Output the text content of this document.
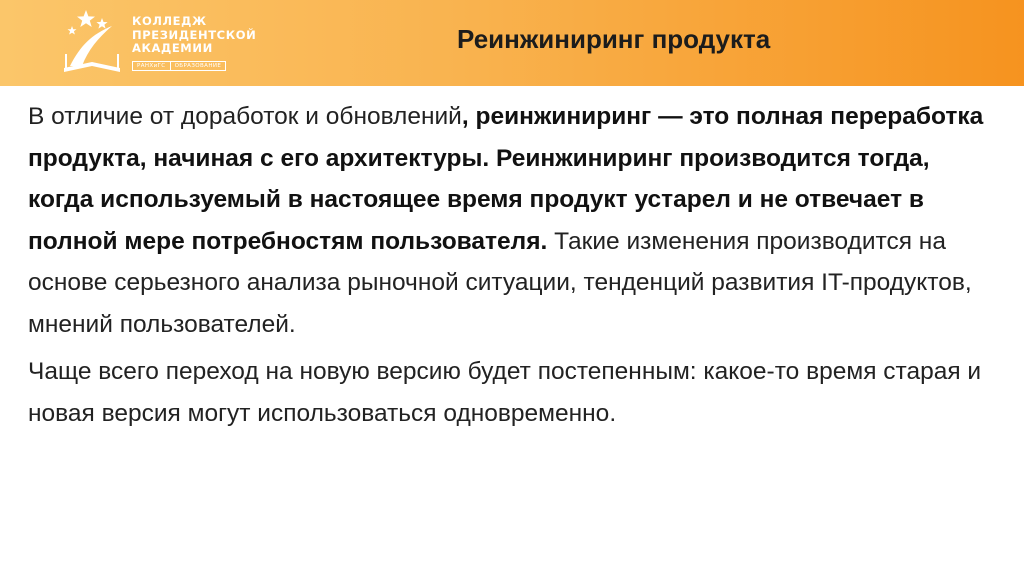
КОЛЛЕДЖ
ПРЕЗИДЕНТСКОЙ
АКАДЕМИИ
РАНХиГС	ОБРАЗОВАНИЕ
Реинжиниринг продукта

В отличие от доработок и обновлений, реинжиниринг — это полная переработка продукта, начиная с его архитектуры. Реинжиниринг производится тогда, когда используемый в настоящее время продукт устарел и не отвечает в полной мере потребностям пользователя. Такие изменения производится на основе серьезного анализа рыночной ситуации, тенденций развития IT-продуктов, мнений пользователей.

Чаще всего переход на новую версию будет постепенным: какое-то время старая и новая версия могут использоваться одновременно.
